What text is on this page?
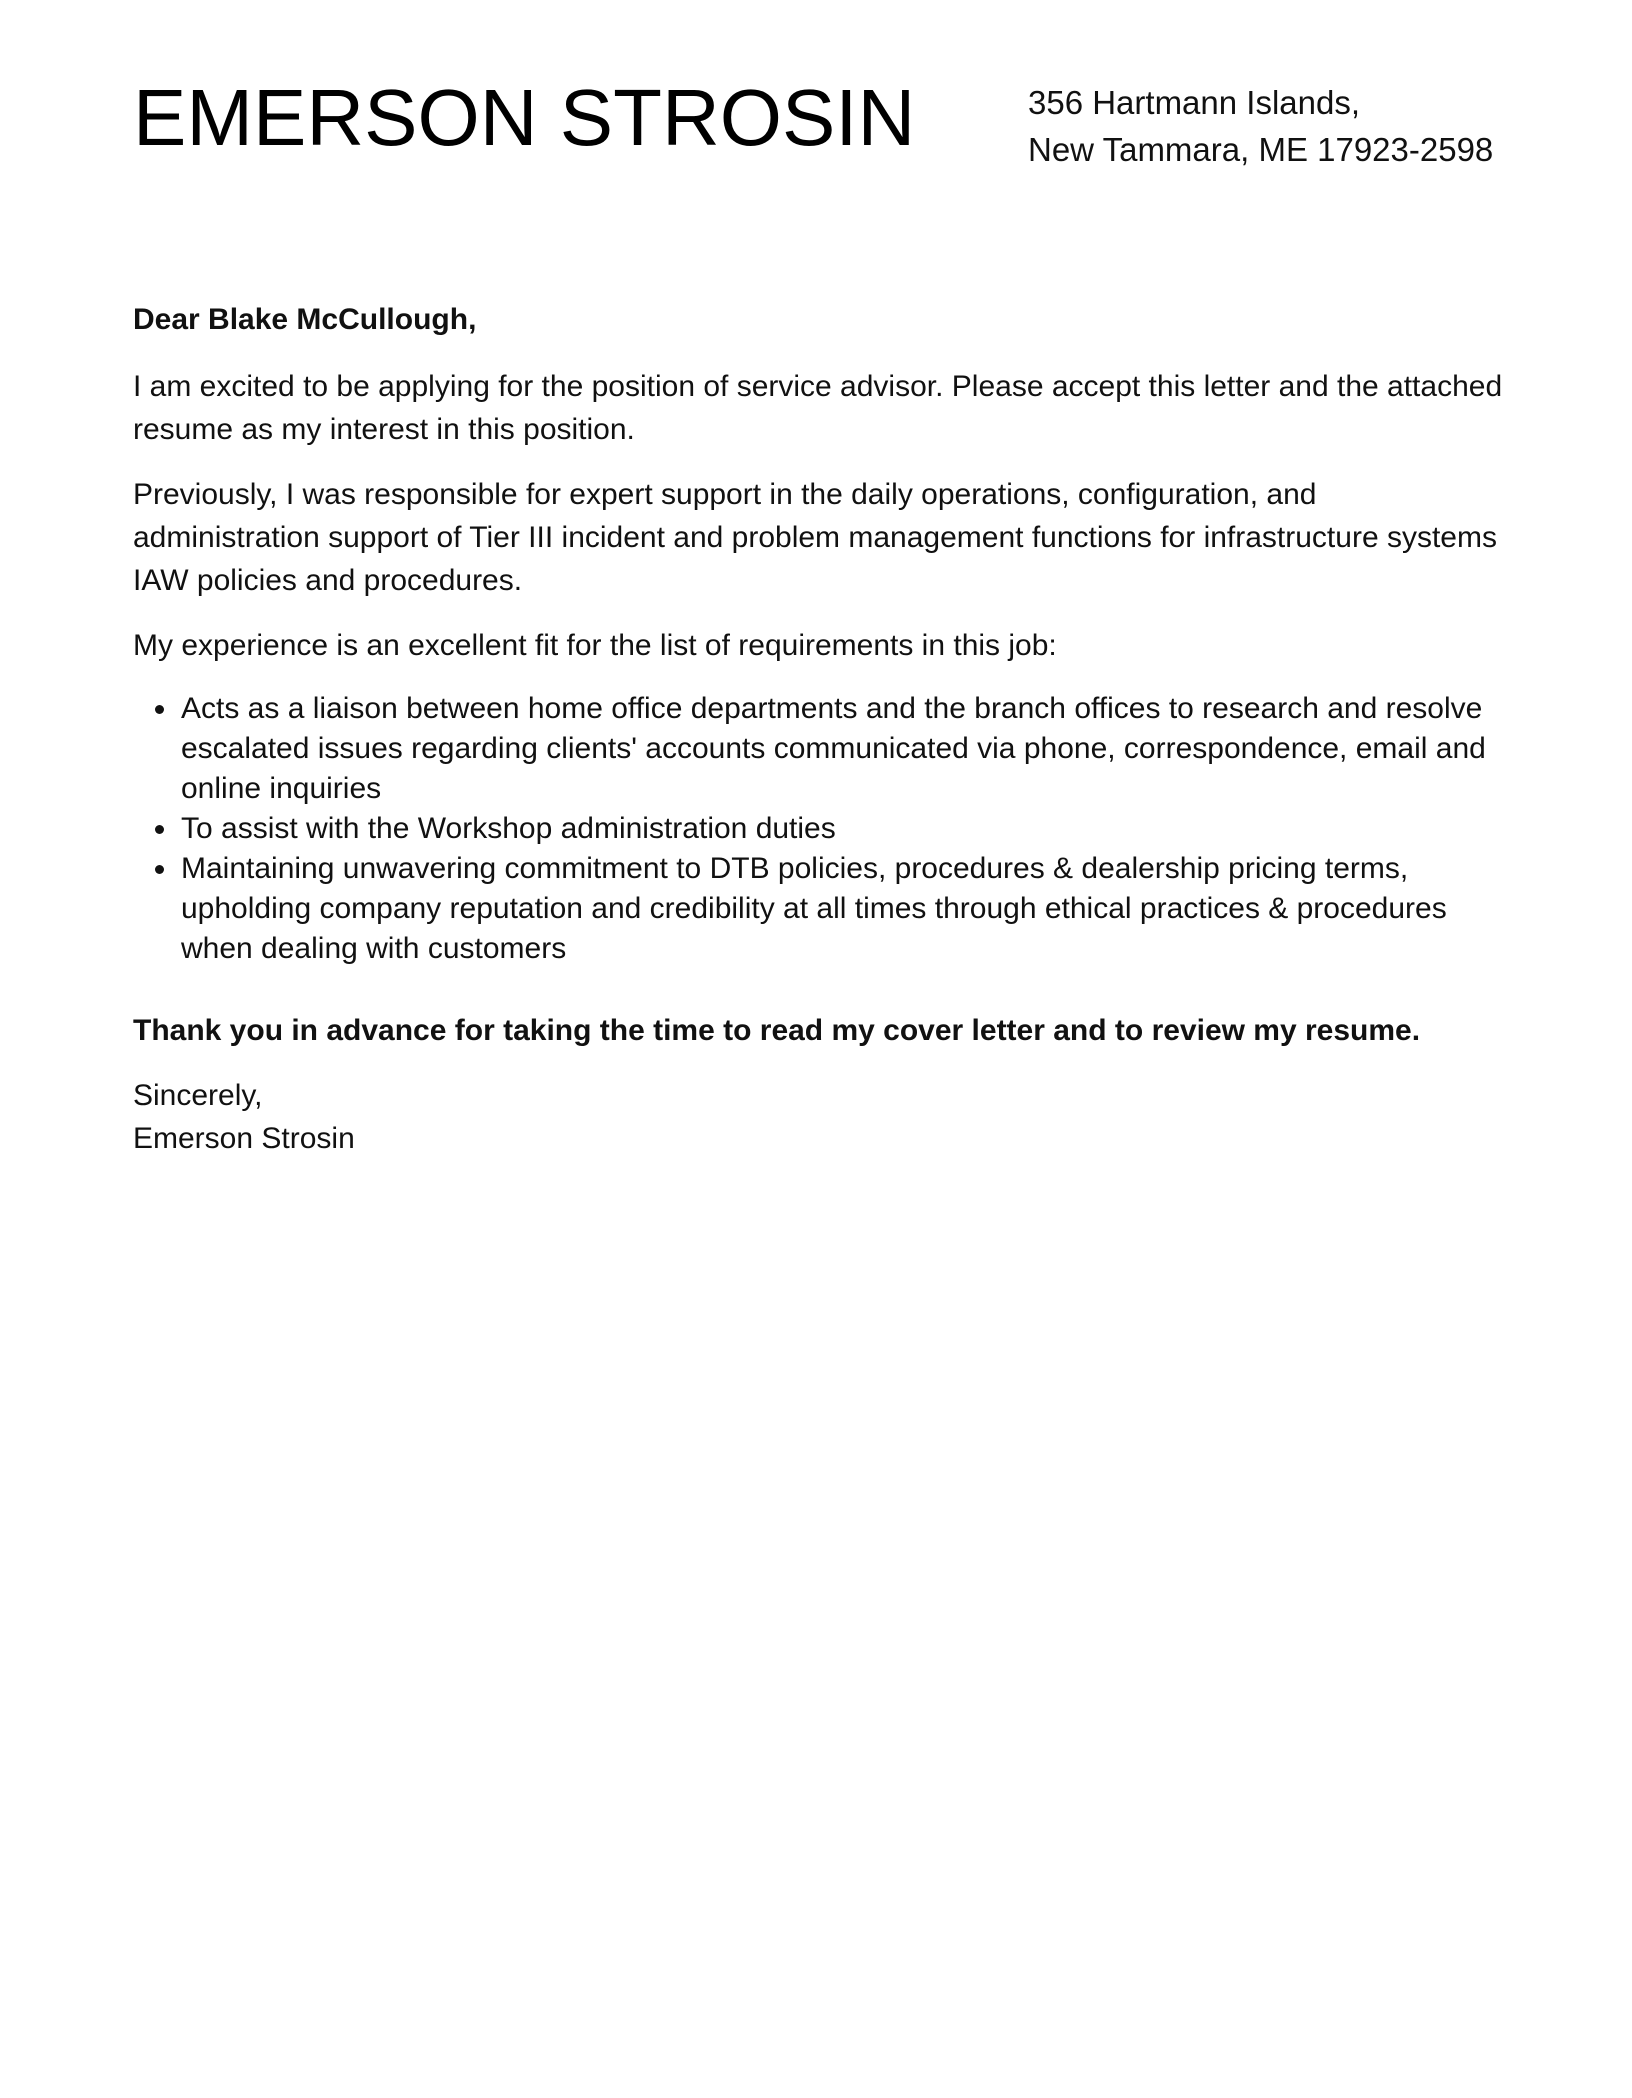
EMERSON STROSIN	356 Hartmann Islands,
New Tammara, ME 17923-2598

Dear Blake McCullough,

I am excited to be applying for the position of service advisor. Please accept this letter and the attached resume as my interest in this position.

Previously, I was responsible for expert support in the daily operations, configuration, and administration support of Tier III incident and problem management functions for infrastructure systems IAW policies and procedures.

My experience is an excellent fit for the list of requirements in this job:

Acts as a liaison between home office departments and the branch offices to research and resolve escalated issues regarding clients' accounts communicated via phone, correspondence, email and online inquiries
To assist with the Workshop administration duties
Maintaining unwavering commitment to DTB policies, procedures & dealership pricing terms, upholding company reputation and credibility at all times through ethical practices & procedures when dealing with customers

Thank you in advance for taking the time to read my cover letter and to review my resume.

Sincerely,
Emerson Strosin
